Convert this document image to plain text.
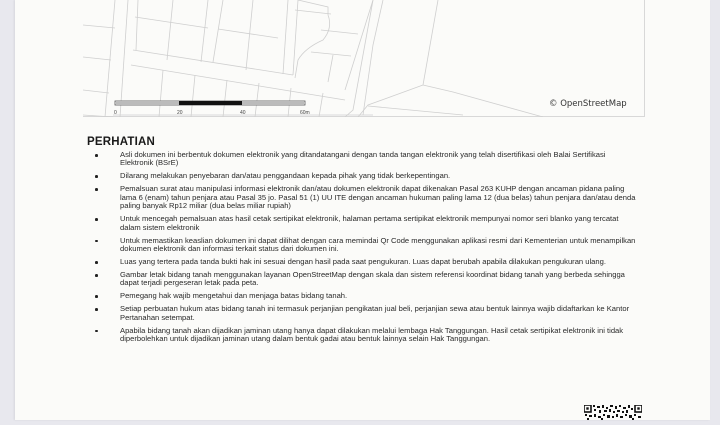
0	20	40	60m
© OpenStreetMap
PERHATIAN
Asli dokumen ini berbentuk dokumen elektronik yang ditandatangani dengan tanda tangan elektronik yang telah disertifikasi oleh Balai Sertifikasi Elektronik (BSrE)
Dilarang melakukan penyebaran dan/atau penggandaan kepada pihak yang tidak berkepentingan.
Pemalsuan surat atau manipulasi informasi elektronik dan/atau dokumen elektronik dapat dikenakan Pasal 263 KUHP dengan ancaman pidana paling lama 6 (enam) tahun penjara atau Pasal 35 jo. Pasal 51 (1) UU ITE dengan ancaman hukuman paling lama 12 (dua belas) tahun penjara dan/atau denda paling banyak Rp12 miliar (dua belas miliar rupiah)
Untuk mencegah pemalsuan atas hasil cetak sertipikat elektronik, halaman pertama sertipikat elektronik mempunyai nomor seri blanko yang tercatat dalam sistem elektronik
Untuk memastikan keaslian dokumen ini dapat dilihat dengan cara memindai Qr Code menggunakan aplikasi resmi dari Kementerian untuk menampilkan dokumen elektronik dan informasi terkait status dari dokumen ini.
Luas yang tertera pada tanda bukti hak ini sesuai dengan hasil pada saat pengukuran. Luas dapat berubah apabila dilakukan pengukuran ulang.
Gambar letak bidang tanah menggunakan layanan OpenStreetMap dengan skala dan sistem referensi koordinat bidang tanah yang berbeda sehingga dapat terjadi pergeseran letak pada peta.
Pemegang hak wajib mengetahui dan menjaga batas bidang tanah.
Setiap perbuatan hukum atas bidang tanah ini termasuk perjanjian pengikatan jual beli, perjanjian sewa atau bentuk lainnya wajib didaftarkan ke Kantor Pertanahan setempat.
Apabila bidang tanah akan dijadikan jaminan utang hanya dapat dilakukan melalui lembaga Hak Tanggungan. Hasil cetak sertipikat elektronik ini tidak diperbolehkan untuk dijadikan jaminan utang dalam bentuk gadai atau bentuk lainnya selain Hak Tanggungan.
